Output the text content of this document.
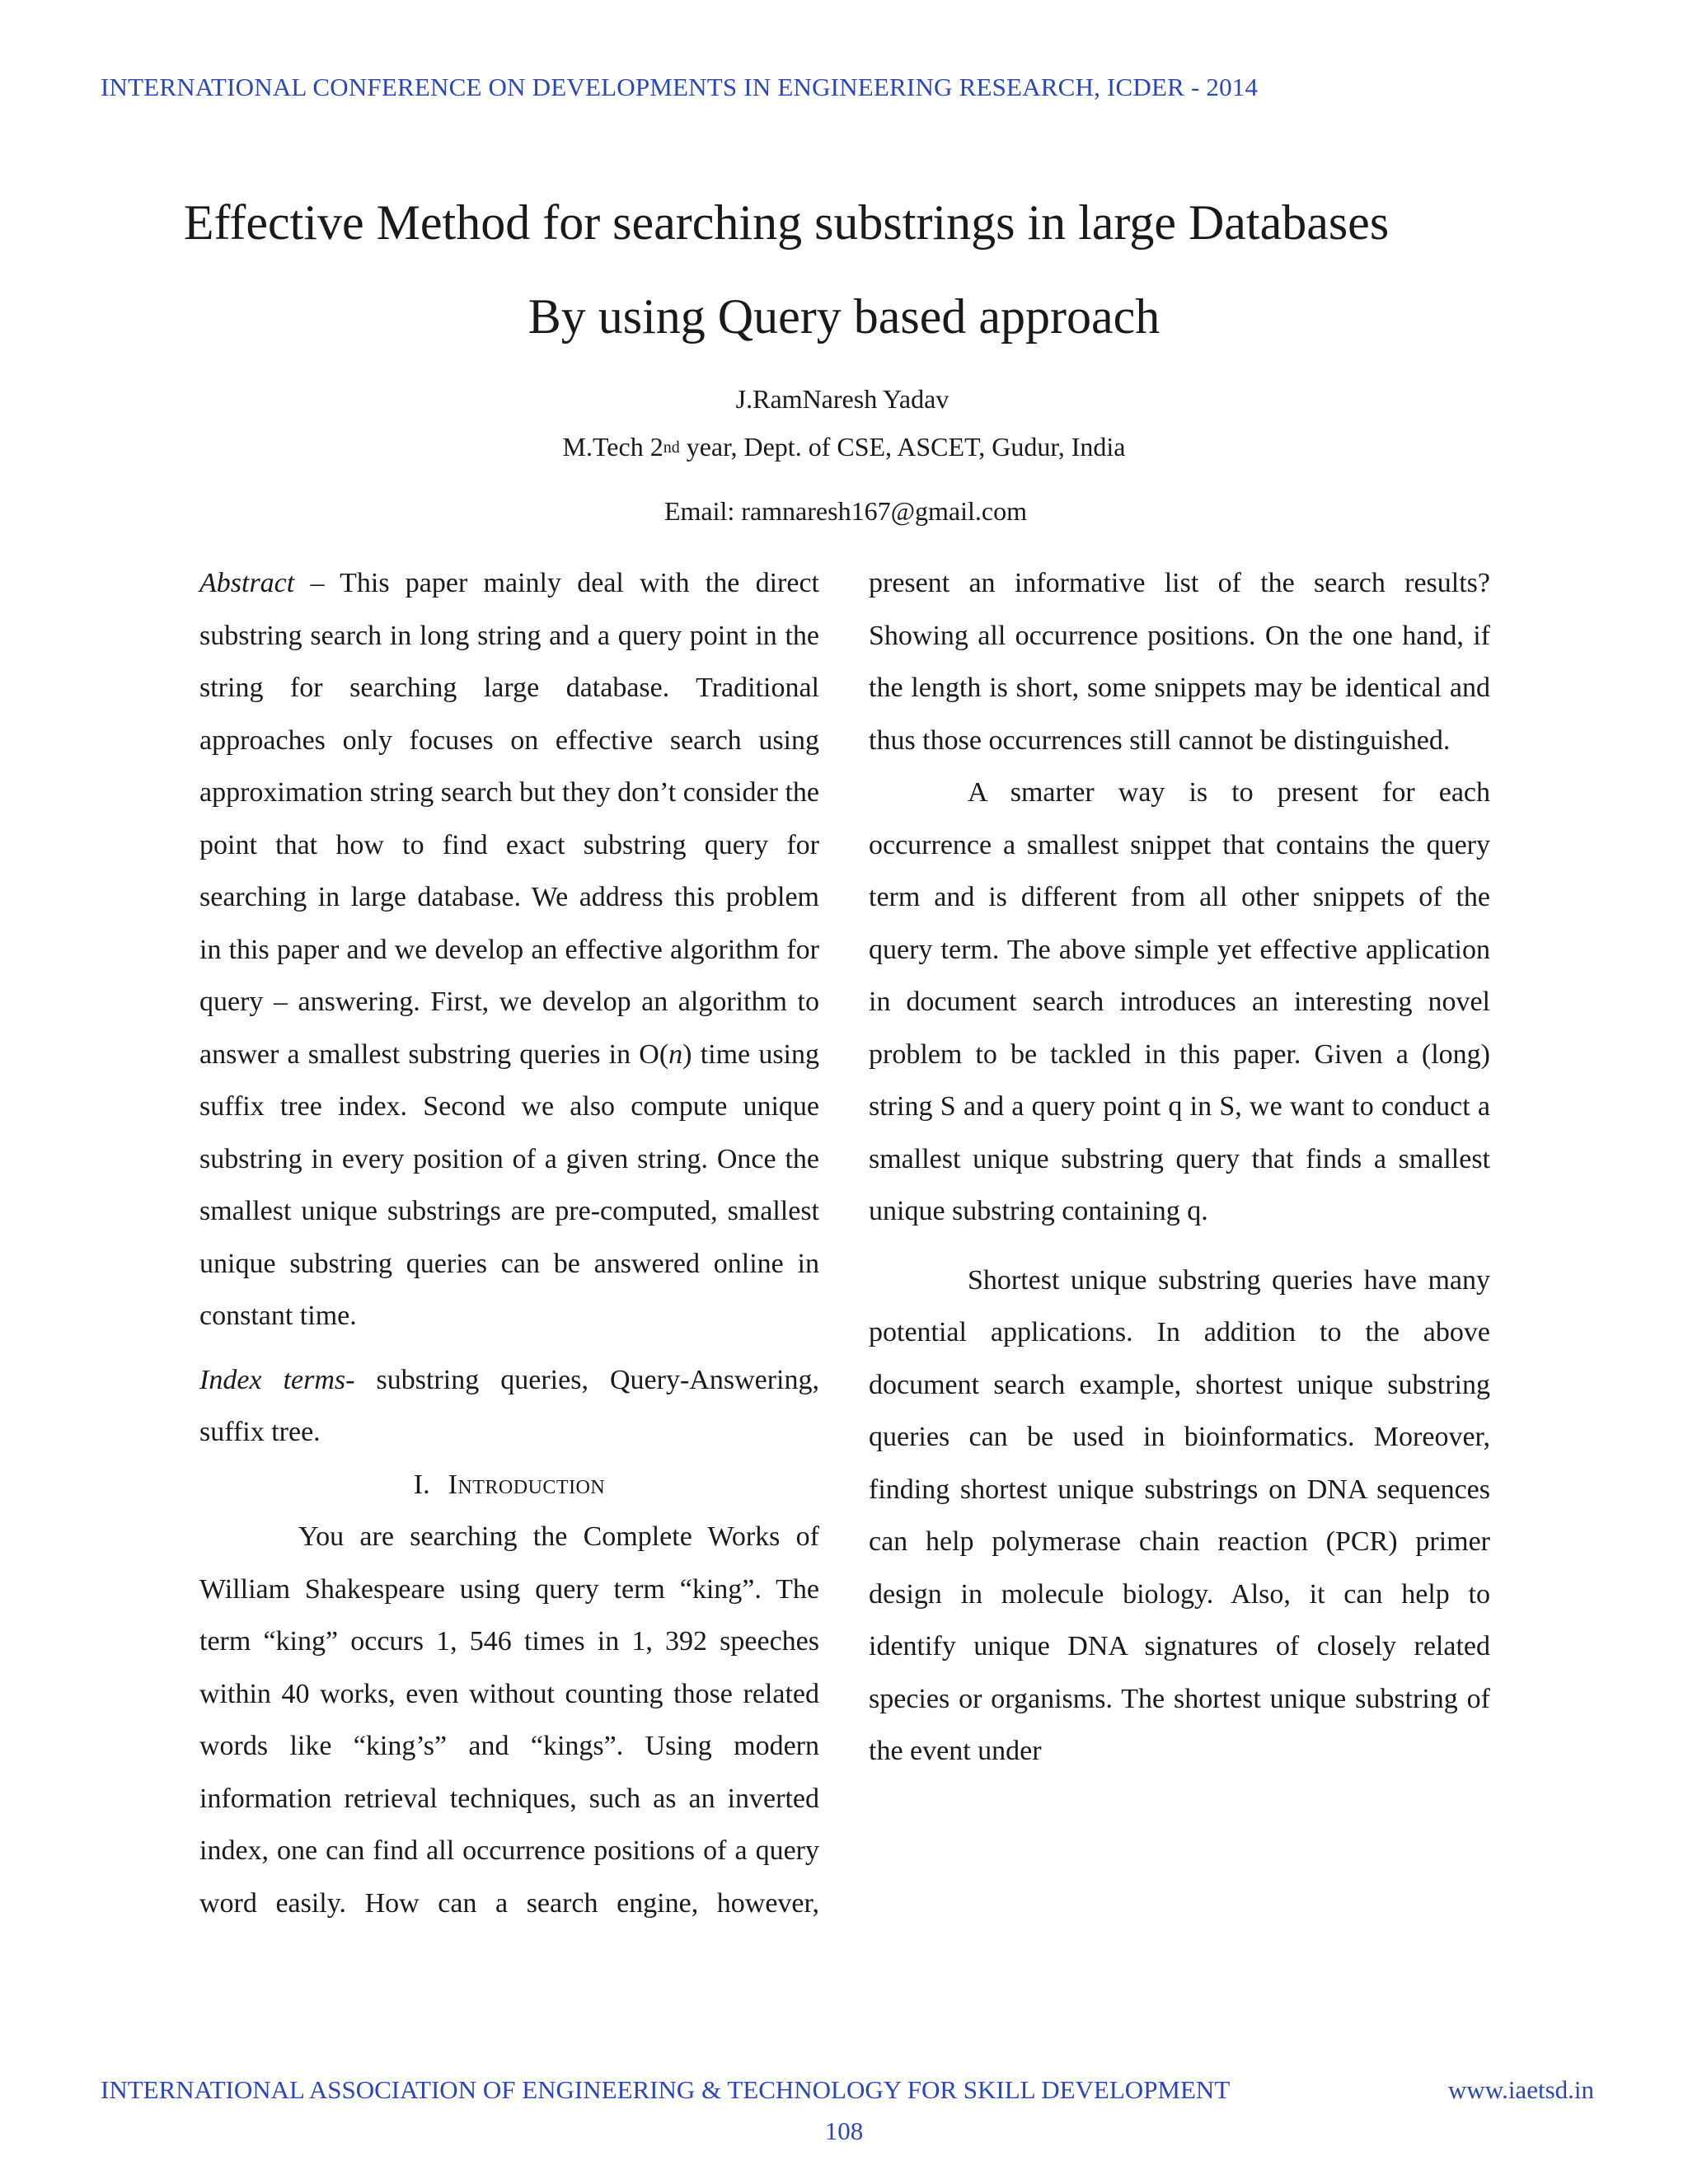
INTERNATIONAL CONFERENCE ON DEVELOPMENTS IN ENGINEERING RESEARCH, ICDER - 2014
Effective Method for searching substrings in large Databases
By using Query based approach
J.RamNaresh Yadav
M.Tech 2nd year, Dept. of CSE, ASCET, Gudur, India
Email: ramnaresh167@gmail.com

Abstract – This paper mainly deal with the direct substring search in long string and a query point in the string for searching large database. Traditional approaches only focuses on effective search using approximation string search but they don’t consider the point that how to find exact substring query for searching in large database. We address this problem in this paper and we develop an effective algorithm for query – answering. First, we develop an algorithm to answer a smallest substring queries in O(n) time using suffix tree index. Second we also compute unique substring in every position of a given string. Once the smallest unique substrings are pre-computed, smallest unique substring queries can be answered online in constant time.

Index terms- substring queries, Query-Answering, suffix tree.

I. Introduction

You are searching the Complete Works of William Shakespeare using query term “king”. The term “king” occurs 1, 546 times in 1, 392 speeches within 40 works, even without counting those related words like “king’s” and “kings”. Using modern information retrieval techniques, such as an inverted index, one can find all occurrence positions of a query word easily. How can a search engine, however,

present an informative list of the search results? Showing all occurrence positions. On the one hand, if the length is short, some snippets may be identical and thus those occurrences still cannot be distinguished.

A smarter way is to present for each occurrence a smallest snippet that contains the query term and is different from all other snippets of the query term. The above simple yet effective application in document search introduces an interesting novel problem to be tackled in this paper. Given a (long) string S and a query point q in S, we want to conduct a smallest unique substring query that finds a smallest unique substring containing q.

Shortest unique substring queries have many potential applications. In addition to the above document search example, shortest unique substring queries can be used in bioinformatics. Moreover, finding shortest unique substrings on DNA sequences can help polymerase chain reaction (PCR) primer design in molecule biology. Also, it can help to identify unique DNA signatures of closely related species or organisms. The shortest unique substring of the event under

INTERNATIONAL ASSOCIATION OF ENGINEERING & TECHNOLOGY FOR SKILL DEVELOPMENT	www.iaetsd.in
108
